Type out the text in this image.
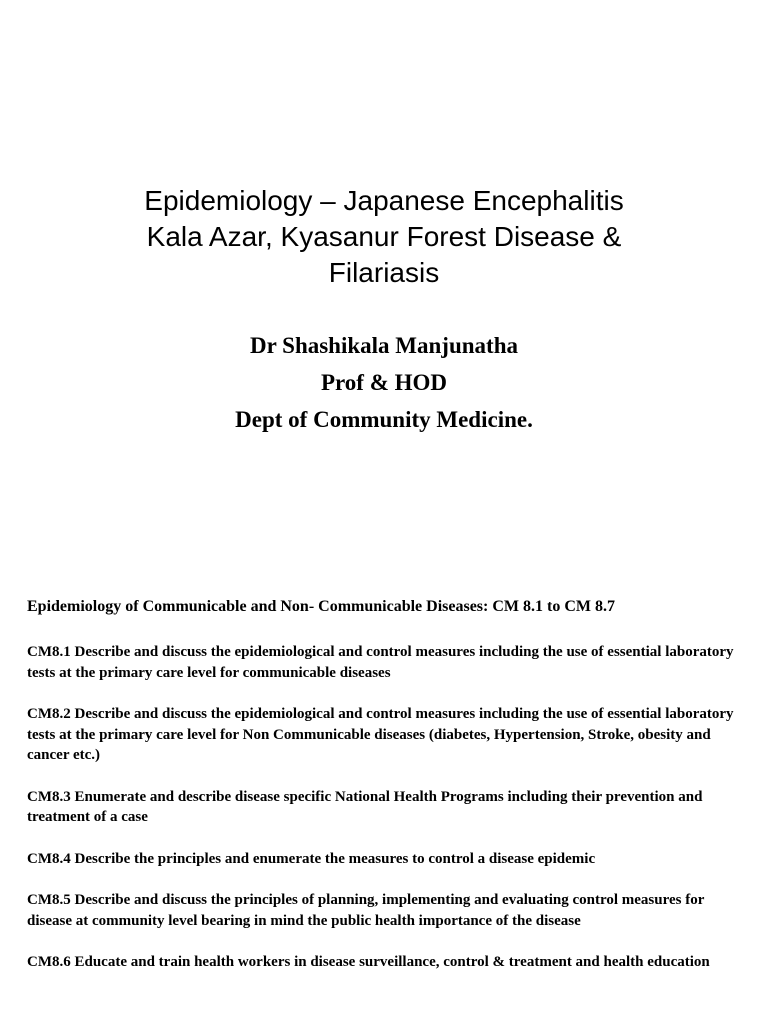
Epidemiology – Japanese Encephalitis
Kala Azar, Kyasanur Forest Disease &
Filariasis
Dr Shashikala Manjunatha
Prof & HOD
Dept of Community Medicine.

Epidemiology of Communicable and Non- Communicable Diseases: CM 8.1 to CM 8.7

CM8.1 Describe and discuss the epidemiological and control measures including the use of essential laboratory tests at the primary care level for communicable diseases

CM8.2 Describe and discuss the epidemiological and control measures including the use of essential laboratory tests at the primary care level for Non Communicable diseases (diabetes, Hypertension, Stroke, obesity and cancer etc.)

CM8.3 Enumerate and describe disease specific National Health Programs including their prevention and treatment of a case

CM8.4 Describe the principles and enumerate the measures to control a disease epidemic

CM8.5 Describe and discuss the principles of planning, implementing and evaluating control measures for disease at community level bearing in mind the public health importance of the disease

CM8.6 Educate and train health workers in disease surveillance, control & treatment and health education
